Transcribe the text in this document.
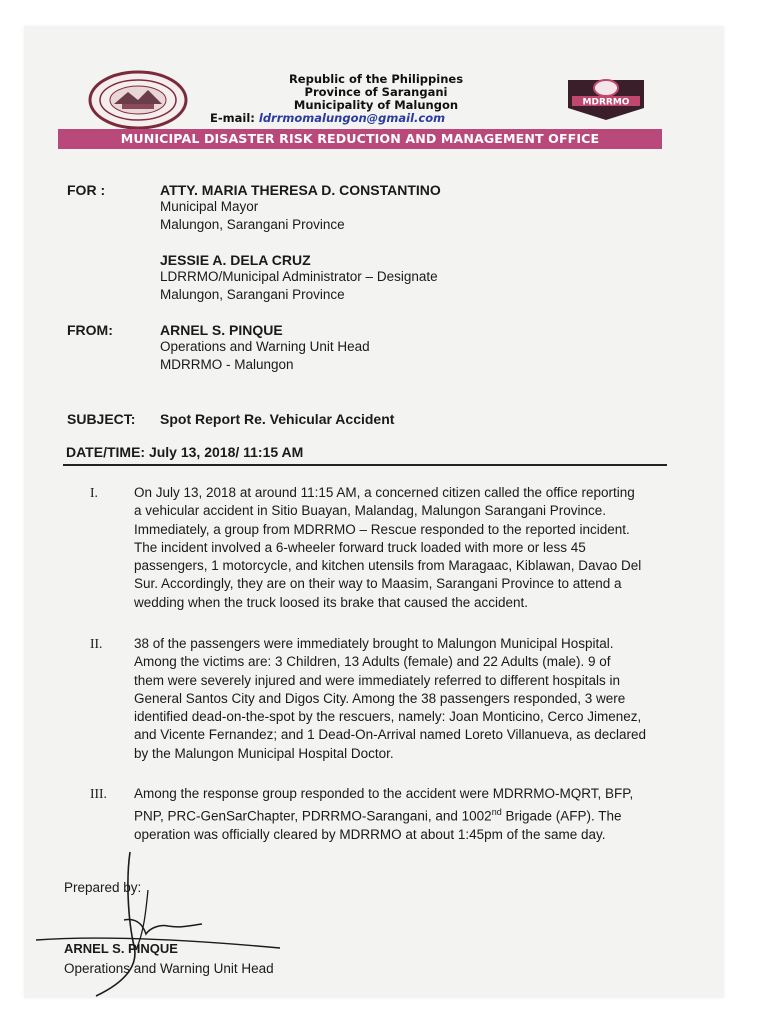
Republic of the Philippines
Province of Sarangani
Municipality of Malungon
E-mail: ldrrmomalungon@gmail.com
MDRRMO
MUNICIPAL DISASTER RISK REDUCTION AND MANAGEMENT OFFICE
FOR :	ATTY. MARIA THERESA D. CONSTANTINO
Municipal Mayor
Malungon, Sarangani Province
JESSIE A. DELA CRUZ
LDRRMO/Municipal Administrator – Designate
Malungon, Sarangani Province
FROM:	ARNEL S. PINQUE
Operations and Warning Unit Head
MDRRMO - Malungon
SUBJECT: Spot Report Re. Vehicular Accident
DATE/TIME: July 13, 2018/ 11:15 AM
I.	On July 13, 2018 at around 11:15 AM, a concerned citizen called the office reporting
a vehicular accident in Sitio Buayan, Malandag, Malungon Sarangani Province.
Immediately, a group from MDRRMO – Rescue responded to the reported incident.
The incident involved a 6-wheeler forward truck loaded with more or less 45
passengers, 1 motorcycle, and kitchen utensils from Maragaac, Kiblawan, Davao Del
Sur. Accordingly, they are on their way to Maasim, Sarangani Province to attend a
wedding when the truck loosed its brake that caused the accident.
II. 38 of the passengers were immediately brought to Malungon Municipal Hospital.
Among the victims are: 3 Children, 13 Adults (female) and 22 Adults (male). 9 of
them were severely injured and were immediately referred to different hospitals in
General Santos City and Digos City. Among the 38 passengers responded, 3 were
identified dead-on-the-spot by the rescuers, namely: Joan Monticino, Cerco Jimenez,
and Vicente Fernandez; and 1 Dead-On-Arrival named Loreto Villanueva, as declared
by the Malungon Municipal Hospital Doctor.
III. Among the response group responded to the accident were MDRRMO-MQRT, BFP,
PNP, PRC-GenSarChapter, PDRRMO-Sarangani, and 1002nd Brigade (AFP). The
operation was officially cleared by MDRRMO at about 1:45pm of the same day.
Prepared by:
ARNEL S. PINQUE
Operations and Warning Unit Head
